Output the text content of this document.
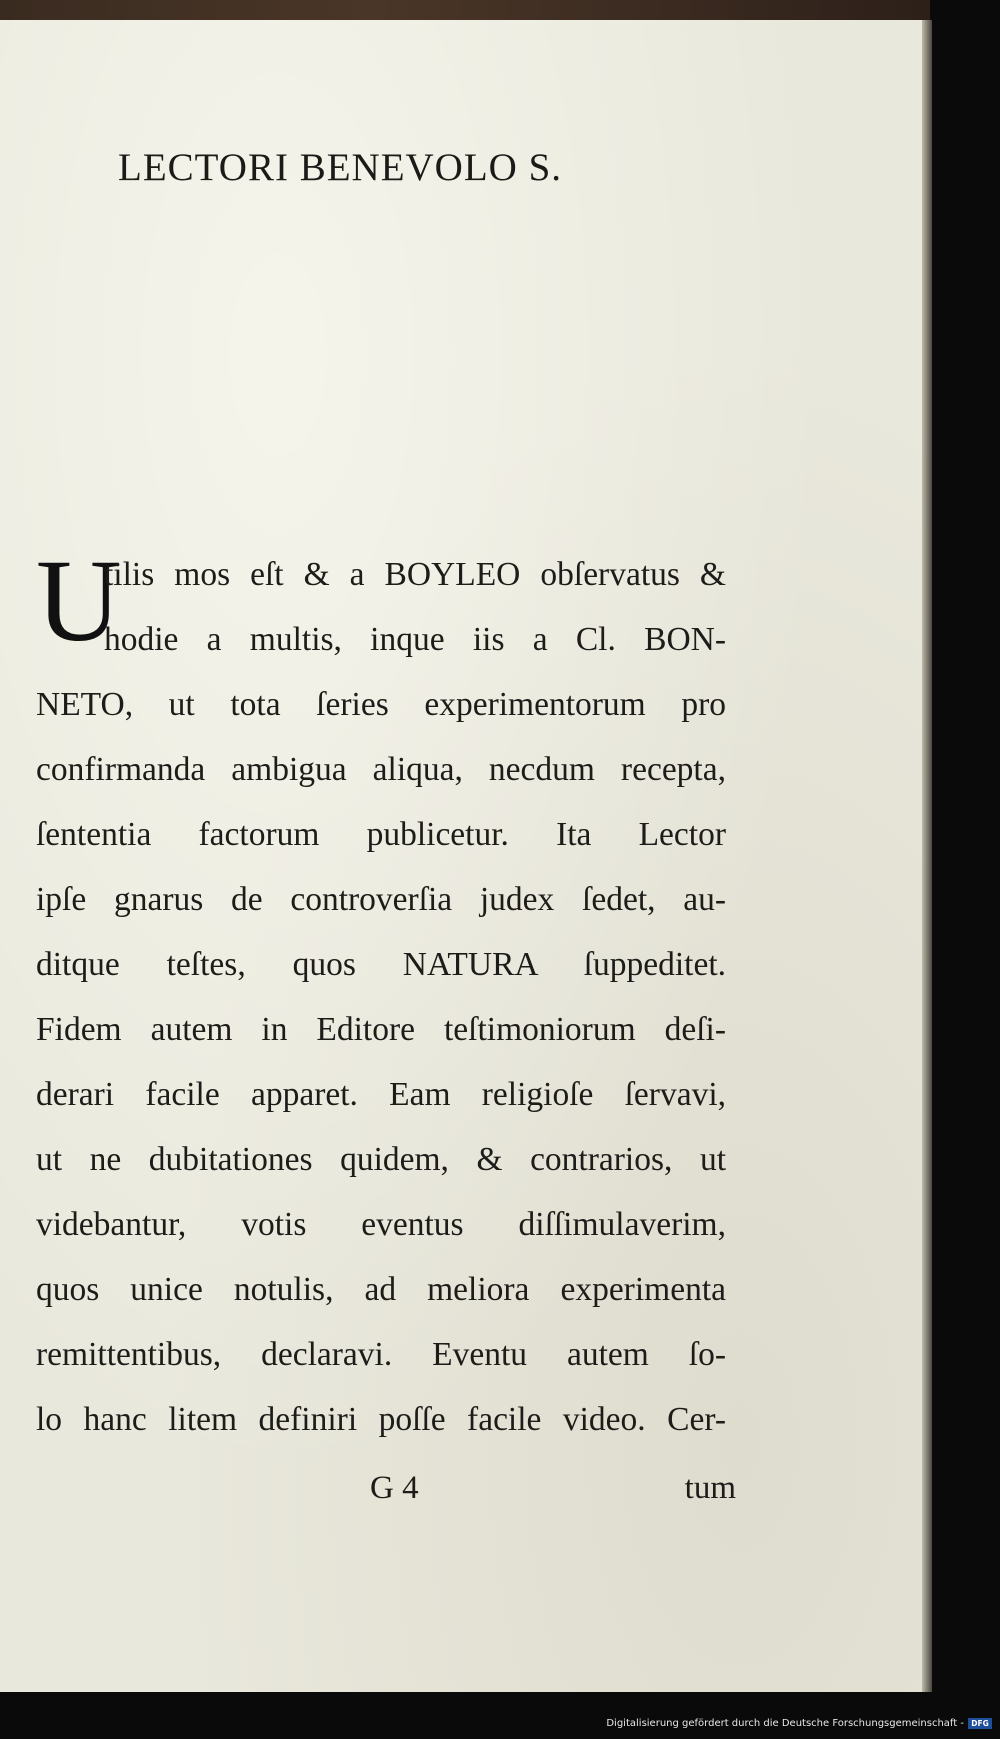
LECTORI BENEVOLO S.
U
tilis mos eſt & a BOYLEO obſervatus &
hodie a multis, inque iis a Cl. BON-
NETO, ut tota ſeries experimentorum pro
confirmanda ambigua aliqua, necdum recepta,
ſententia factorum publicetur. Ita Lector
ipſe gnarus de controverſia judex ſedet, au-
ditque teſtes, quos NATURA ſuppeditet.
Fidem autem in Editore teſtimoniorum deſi-
derari facile apparet. Eam religioſe ſervavi,
ut ne dubitationes quidem, & contrarios, ut
videbantur, votis eventus diſſimulaverim,
quos unice notulis, ad meliora experimenta
remittentibus, declaravi. Eventu autem ſo-
lo hanc litem definiri poſſe facile video. Cer-
G 4	tum
Digitalisierung gefördert durch die Deutsche Forschungsgemeinschaft - DFG
